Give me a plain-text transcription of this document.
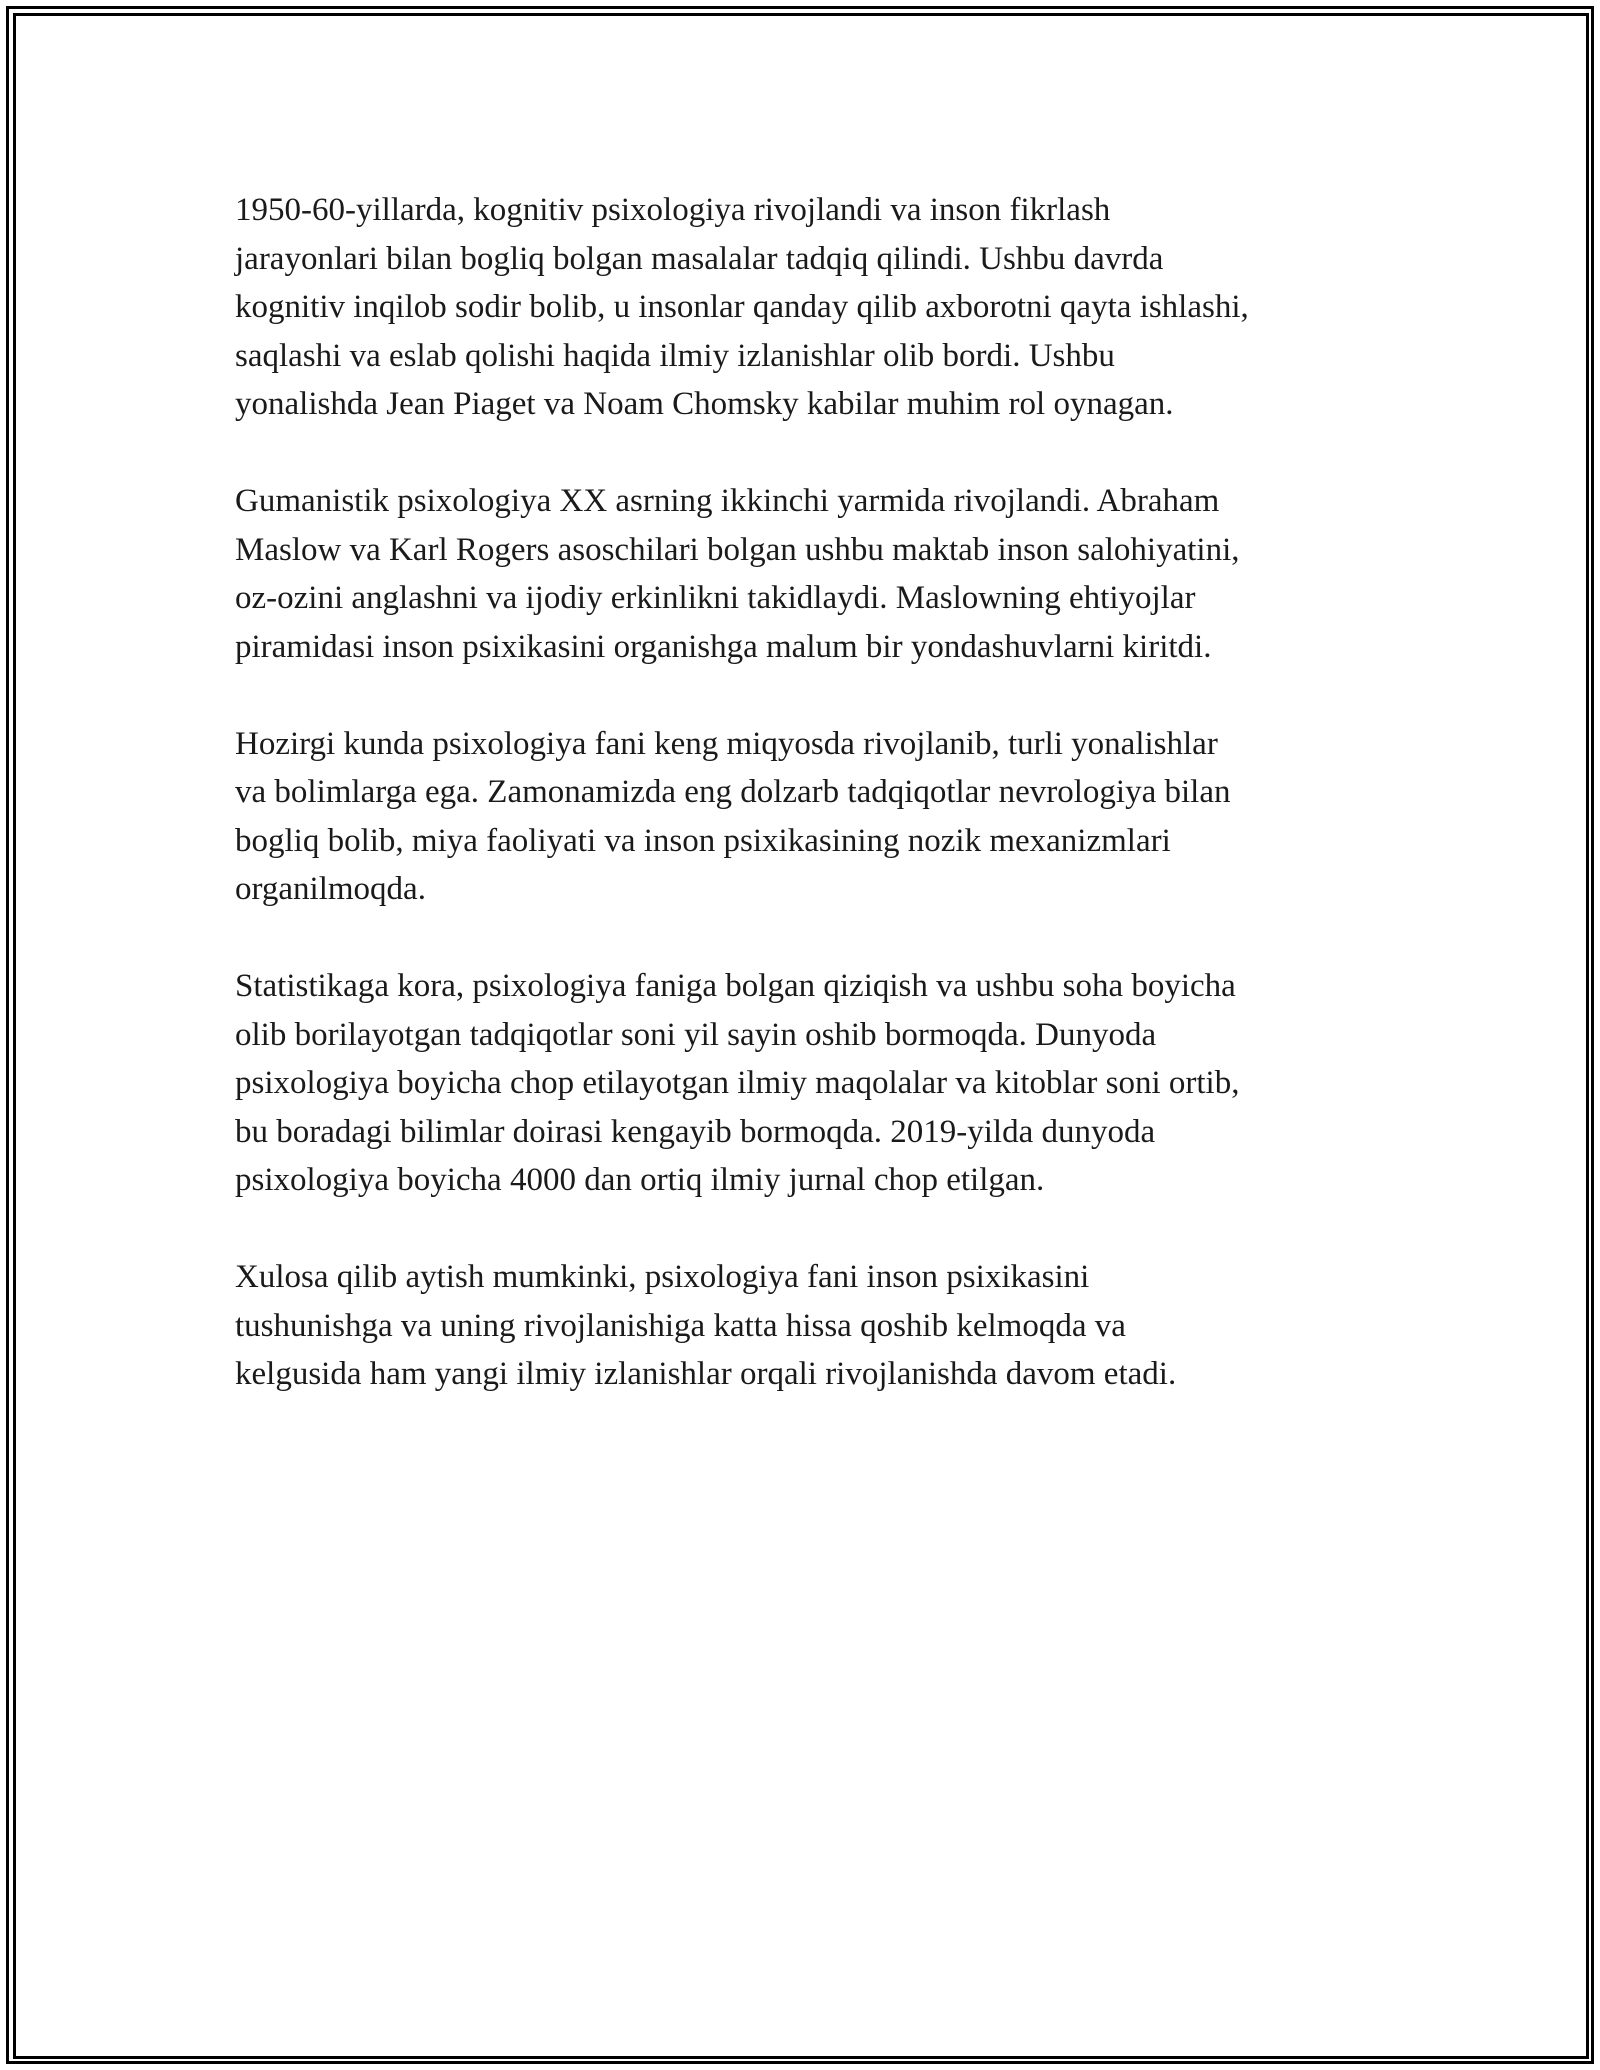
1950-60-yillarda, kognitiv psixologiya rivojlandi va inson fikrlash
jarayonlari bilan bogliq bolgan masalalar tadqiq qilindi. Ushbu davrda
kognitiv inqilob sodir bolib, u insonlar qanday qilib axborotni qayta ishlashi,
saqlashi va eslab qolishi haqida ilmiy izlanishlar olib bordi. Ushbu
yonalishda Jean Piaget va Noam Chomsky kabilar muhim rol oynagan.

Gumanistik psixologiya XX asrning ikkinchi yarmida rivojlandi. Abraham
Maslow va Karl Rogers asoschilari bolgan ushbu maktab inson salohiyatini,
oz-ozini anglashni va ijodiy erkinlikni takidlaydi. Maslowning ehtiyojlar
piramidasi inson psixikasini organishga malum bir yondashuvlarni kiritdi.

Hozirgi kunda psixologiya fani keng miqyosda rivojlanib, turli yonalishlar
va bolimlarga ega. Zamonamizda eng dolzarb tadqiqotlar nevrologiya bilan
bogliq bolib, miya faoliyati va inson psixikasining nozik mexanizmlari
organilmoqda.

Statistikaga kora, psixologiya faniga bolgan qiziqish va ushbu soha boyicha
olib borilayotgan tadqiqotlar soni yil sayin oshib bormoqda. Dunyoda
psixologiya boyicha chop etilayotgan ilmiy maqolalar va kitoblar soni ortib,
bu boradagi bilimlar doirasi kengayib bormoqda. 2019-yilda dunyoda
psixologiya boyicha 4000 dan ortiq ilmiy jurnal chop etilgan.

Xulosa qilib aytish mumkinki, psixologiya fani inson psixikasini
tushunishga va uning rivojlanishiga katta hissa qoshib kelmoqda va
kelgusida ham yangi ilmiy izlanishlar orqali rivojlanishda davom etadi.
